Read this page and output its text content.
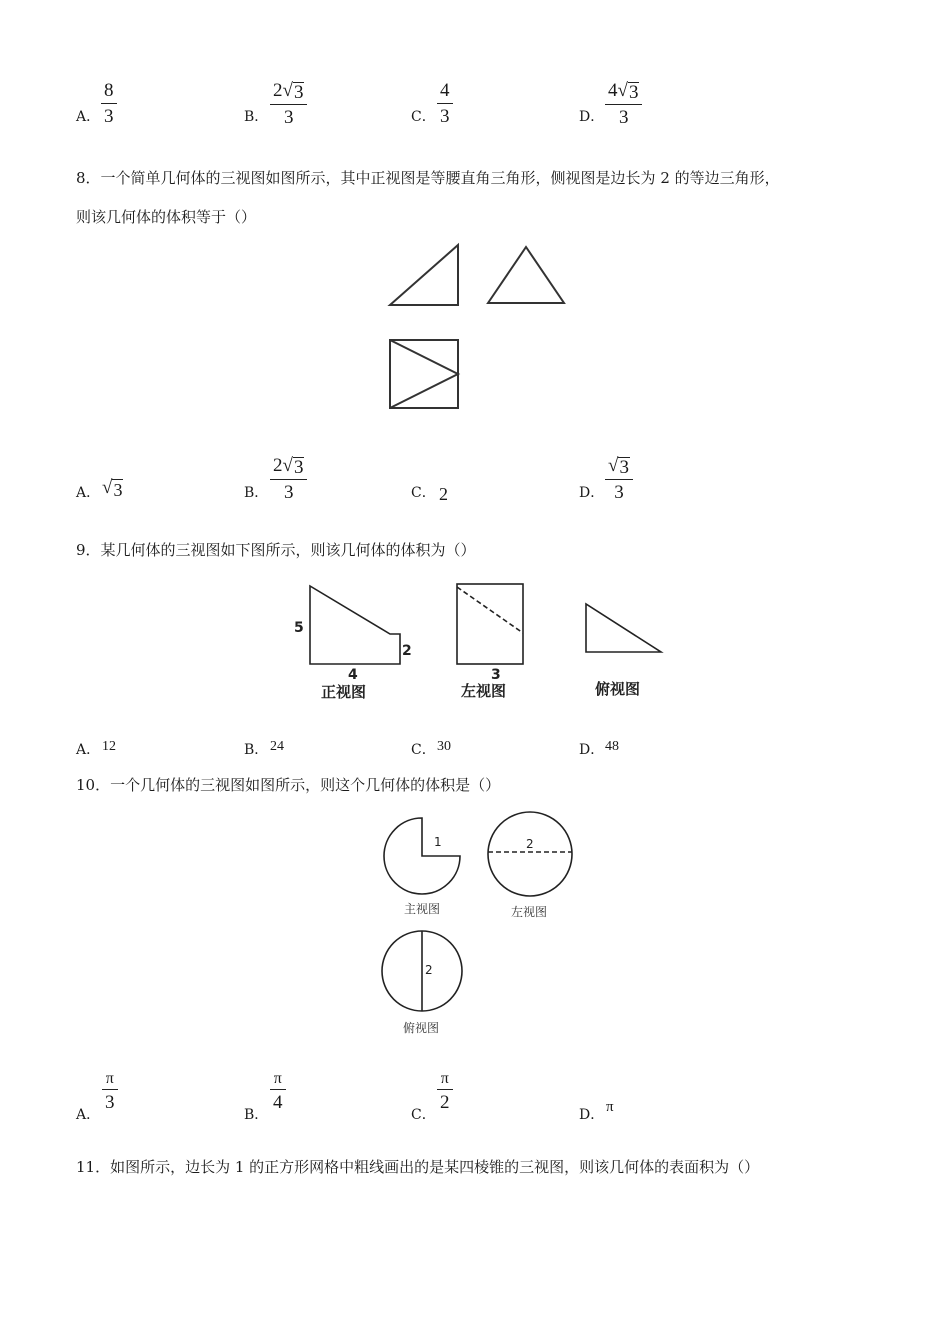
A．
8
3	B．
2 √ 3
3	C．
4
3	D．
4 √ 3
3
8．一个简单几何体的三视图如图所示，其中正视图是等腰直角三角形，侧视图是边长为 2 的等边三角形，
则该几何体的体积等于（）
A． √ 3	B．
2 √ 3
3	C． 2	D．
√ 3
3
9．某几何体的三视图如下图所示，则该几何体的体积为（）
5
2
4
正视图
3
左视图	俯视图
A． 12	B． 24	C． 30	D． 48
10．一个几何体的三视图如图所示，则这个几何体的体积是（）
1
主视图
2
左视图
2
俯视图
A．
π
3
B．
π
4
C．
π
2
D． π
11．如图所示，边长为 1 的正方形网格中粗线画出的是某四棱锥的三视图，则该几何体的表面积为（）
